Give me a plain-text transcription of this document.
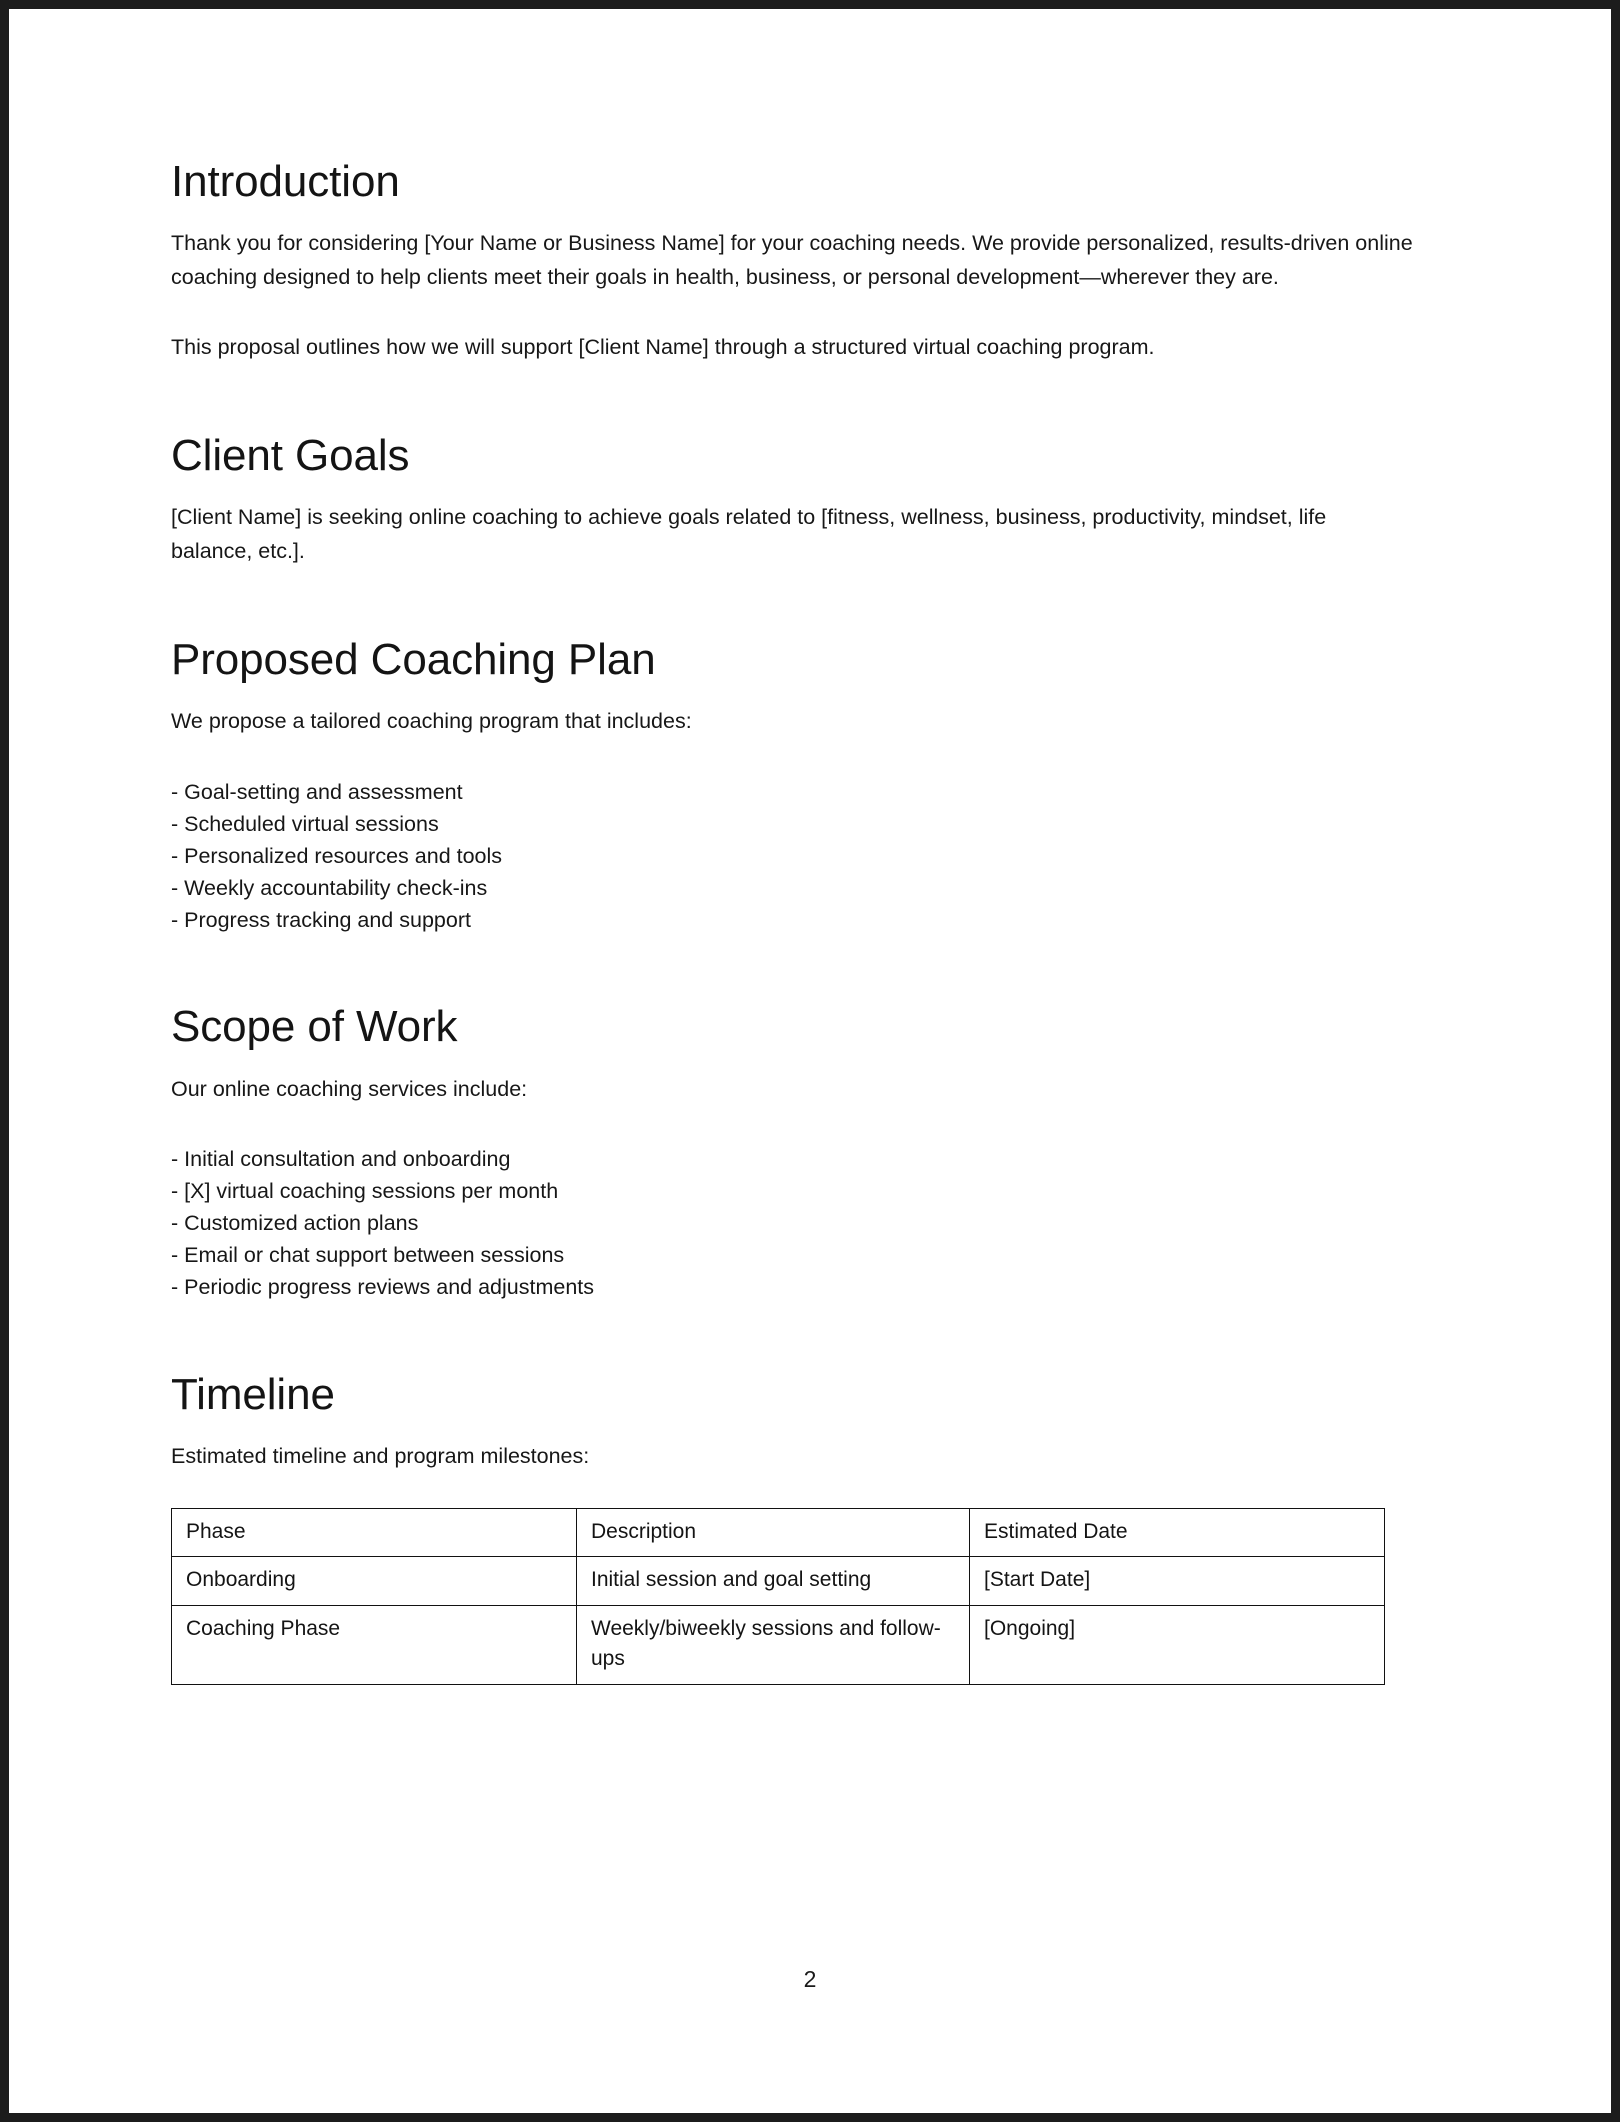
Introduction

Thank you for considering [Your Name or Business Name] for your coaching needs. We provide personalized, results-driven online coaching designed to help clients meet their goals in health, business, or personal development—wherever they are.

This proposal outlines how we will support [Client Name] through a structured virtual coaching program.

Client Goals

[Client Name] is seeking online coaching to achieve goals related to [fitness, wellness, business, productivity, mindset, life balance, etc.].

Proposed Coaching Plan

We propose a tailored coaching program that includes:

- Goal-setting and assessment
- Scheduled virtual sessions
- Personalized resources and tools
- Weekly accountability check-ins
- Progress tracking and support
Scope of Work

Our online coaching services include:

- Initial consultation and onboarding
- [X] virtual coaching sessions per month
- Customized action plans
- Email or chat support between sessions
- Periodic progress reviews and adjustments
Timeline

Estimated timeline and program milestones:

Phase	Description	Estimated Date
Onboarding	Initial session and goal setting	[Start Date]
Coaching Phase	Weekly/biweekly sessions and follow-ups	[Ongoing]
2
